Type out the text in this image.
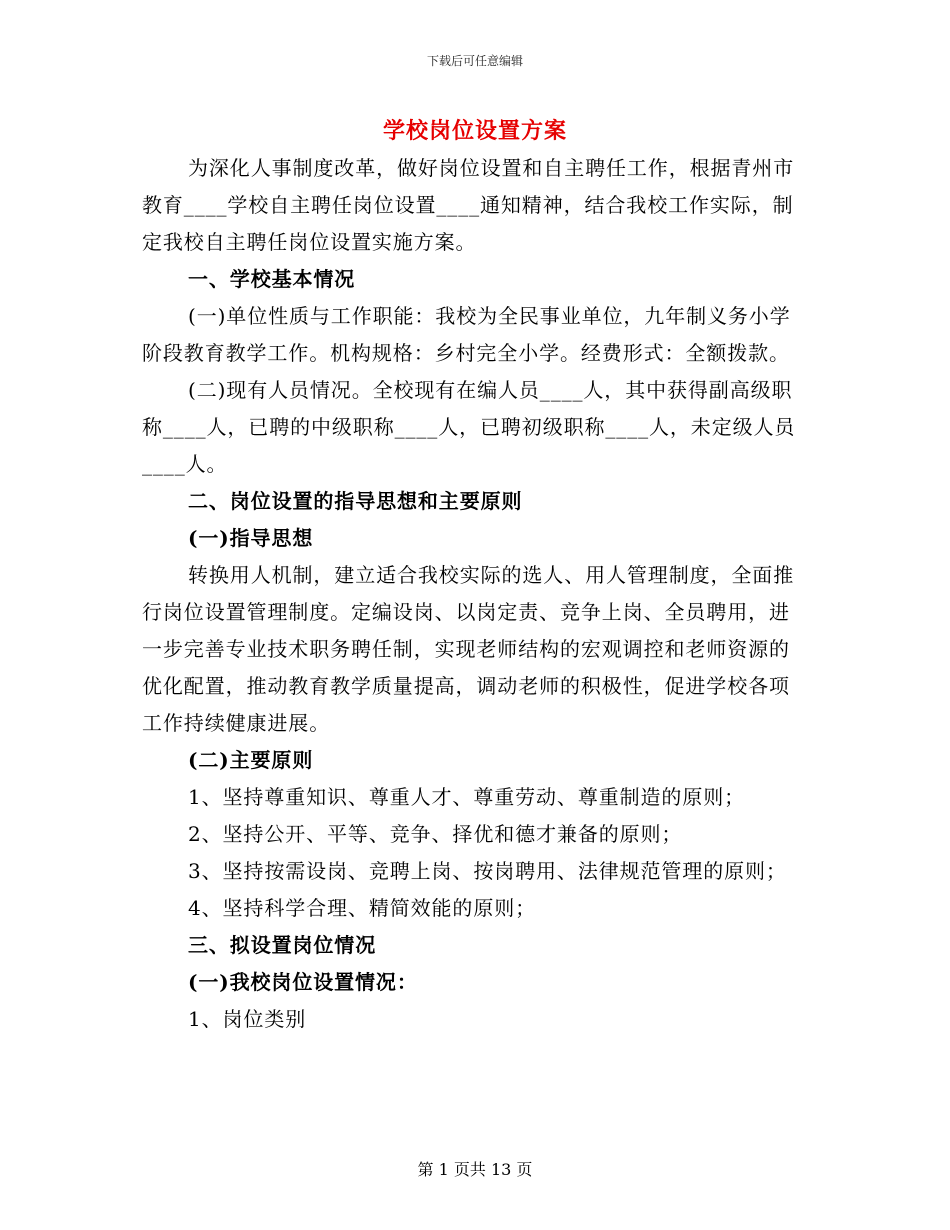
下载后可任意编辑
学校岗位设置方案

为深化人事制度改革，做好岗位设置和自主聘任工作，根据青州市教育____学校自主聘任岗位设置____通知精神，结合我校工作实际，制定我校自主聘任岗位设置实施方案。

一、学校基本情况

(一)单位性质与工作职能：我校为全民事业单位，九年制义务小学阶段教育教学工作。机构规格：乡村完全小学。经费形式：全额拨款。

(二)现有人员情况。全校现有在编人员____人，其中获得副高级职称____人，已聘的中级职称____人，已聘初级职称____人，未定级人员____人。

二、岗位设置的指导思想和主要原则

(一)指导思想

转换用人机制，建立适合我校实际的选人、用人管理制度，全面推行岗位设置管理制度。定编设岗、以岗定责、竞争上岗、全员聘用，进一步完善专业技术职务聘任制，实现老师结构的宏观调控和老师资源的优化配置，推动教育教学质量提高，调动老师的积极性，促进学校各项工作持续健康进展。

(二)主要原则

1、坚持尊重知识、尊重人才、尊重劳动、尊重制造的原则；

2、坚持公开、平等、竞争、择优和德才兼备的原则；

3、坚持按需设岗、竞聘上岗、按岗聘用、法律规范管理的原则；

4、坚持科学合理、精简效能的原则；

三、拟设置岗位情况

(一)我校岗位设置情况：

1、岗位类别

第 1 页共 13 页
